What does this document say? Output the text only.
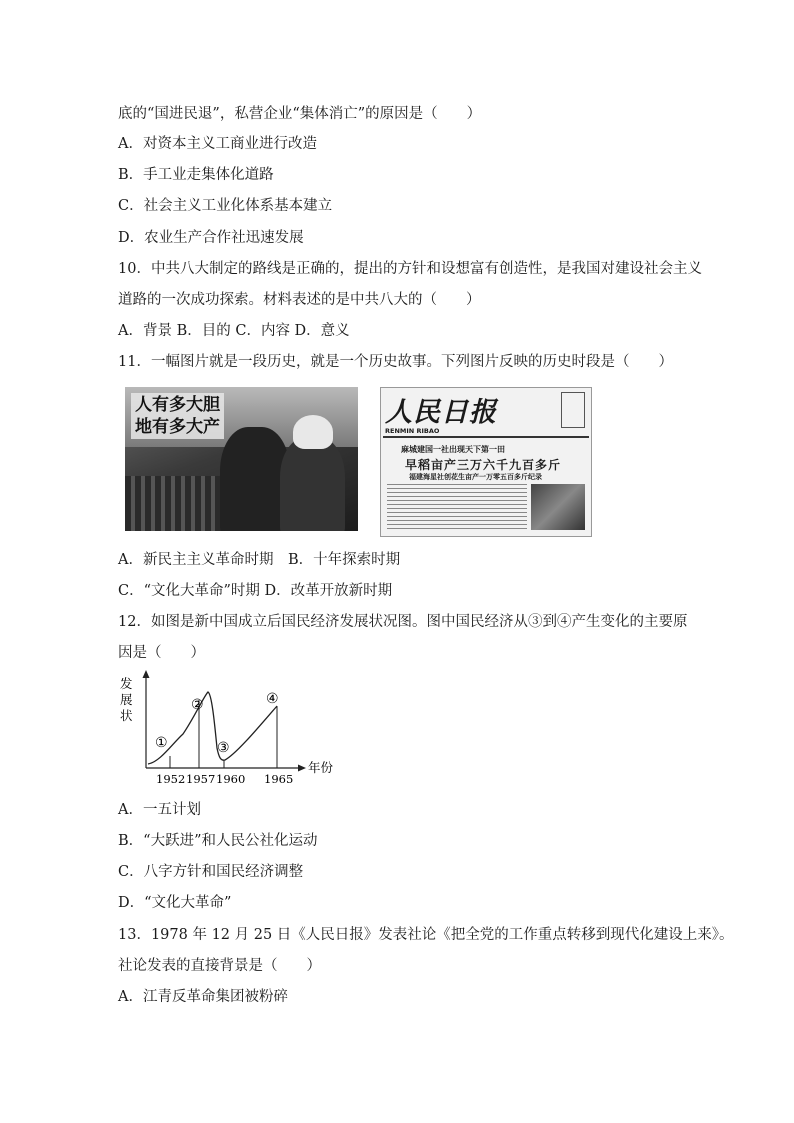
底的“国进民退”，私营企业“集体消亡”的原因是（　　）
A．对资本主义工商业进行改造
B．手工业走集体化道路
C．社会主义工业化体系基本建立
D．农业生产合作社迅速发展
10．中共八大制定的路线是正确的，提出的方针和设想富有创造性，是我国对建设社会主义
道路的一次成功探索。材料表述的是中共八大的（　　）
A．背景 B．目的 C．内容 D．意义
11．一幅图片就是一段历史，就是一个历史故事。下列图片反映的历史时段是（　　）
人有多大胆
地有多大产	人民日报
RENMIN RIBAO
麻城建国一社出现天下第一田
早稻亩产三万六千九百多斤
福建海星社创花生亩产一万零五百多斤纪录
A．新民主主义革命时期　B．十年探索时期
C．“文化大革命”时期 D．改革开放新时期
12．如图是新中国成立后国民经济发展状况图。图中国民经济从③到④产生变化的主要原
因是（　　）
发
展
状
年份
1952 1957 1960 1965
①
②
③
④
A．一五计划
B．“大跃进”和人民公社化运动
C．八字方针和国民经济调整
D．“文化大革命”
13．1978 年 12 月 25 日《人民日报》发表社论《把全党的工作重点转移到现代化建设上来》。
社论发表的直接背景是（　　）
A．江青反革命集团被粉碎
